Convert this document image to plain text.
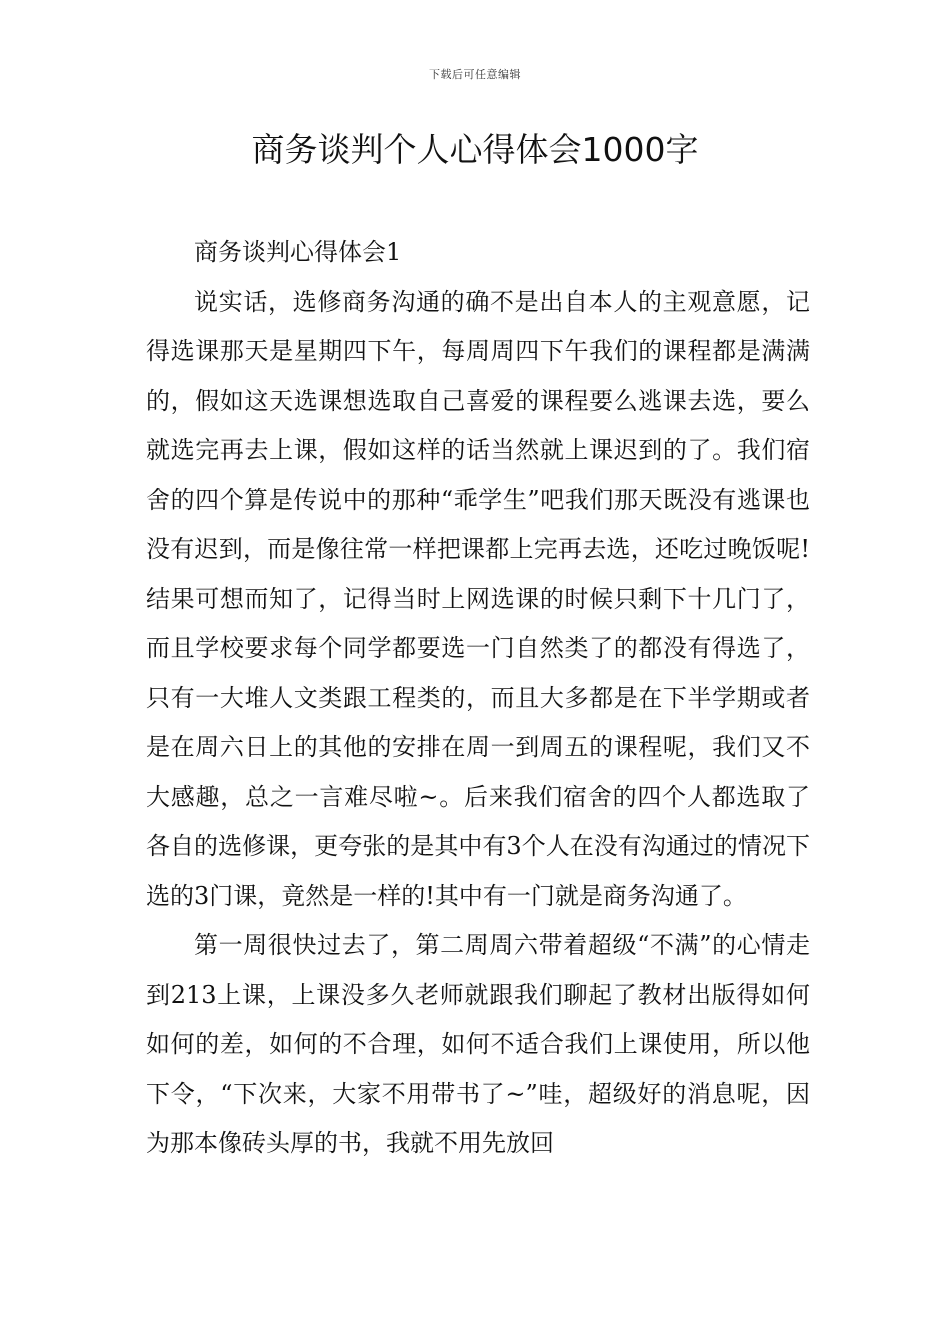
下载后可任意编辑
商务谈判个人心得体会1000字

商务谈判心得体会1

说实话，选修商务沟通的确不是出自本人的主观意愿，记得选课那天是星期四下午，每周周四下午我们的课程都是满满的，假如这天选课想选取自己喜爱的课程要么逃课去选，要么就选完再去上课，假如这样的话当然就上课迟到的了。我们宿舍的四个算是传说中的那种“乖学生”吧我们那天既没有逃课也没有迟到，而是像往常一样把课都上完再去选，还吃过晚饭呢!结果可想而知了，记得当时上网选课的时候只剩下十几门了，而且学校要求每个同学都要选一门自然类了的都没有得选了，只有一大堆人文类跟工程类的，而且大多都是在下半学期或者是在周六日上的其他的安排在周一到周五的课程呢，我们又不大感趣，总之一言难尽啦~。后来我们宿舍的四个人都选取了各自的选修课，更夸张的是其中有3个人在没有沟通过的情况下选的3门课，竟然是一样的!其中有一门就是商务沟通了。

第一周很快过去了，第二周周六带着超级“不满”的心情走到213上课，上课没多久老师就跟我们聊起了教材出版得如何如何的差，如何的不合理，如何不适合我们上课使用，所以他下令，“下次来，大家不用带书了~”哇，超级好的消息呢，因为那本像砖头厚的书，我就不用先放回
